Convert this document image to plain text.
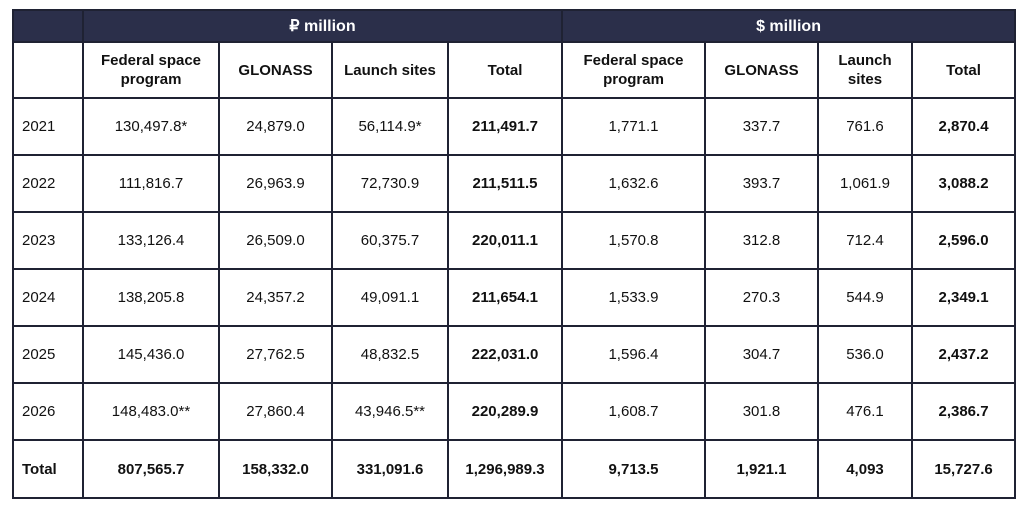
	₽ million				$ million			
	Federal space program	GLONASS	Launch sites	Total	Federal space program	GLONASS	Launch sites	Total
2021	130,497.8*	24,879.0	56,114.9*	211,491.7	1,771.1	337.7	761.6	2,870.4
2022	111,816.7	26,963.9	72,730.9	211,511.5	1,632.6	393.7	1,061.9	3,088.2
2023	133,126.4	26,509.0	60,375.7	220,011.1	1,570.8	312.8	712.4	2,596.0
2024	138,205.8	24,357.2	49,091.1	211,654.1	1,533.9	270.3	544.9	2,349.1
2025	145,436.0	27,762.5	48,832.5	222,031.0	1,596.4	304.7	536.0	2,437.2
2026	148,483.0**	27,860.4	43,946.5**	220,289.9	1,608.7	301.8	476.1	2,386.7
Total	807,565.7	158,332.0	331,091.6	1,296,989.3	9,713.5	1,921.1	4,093	15,727.6
